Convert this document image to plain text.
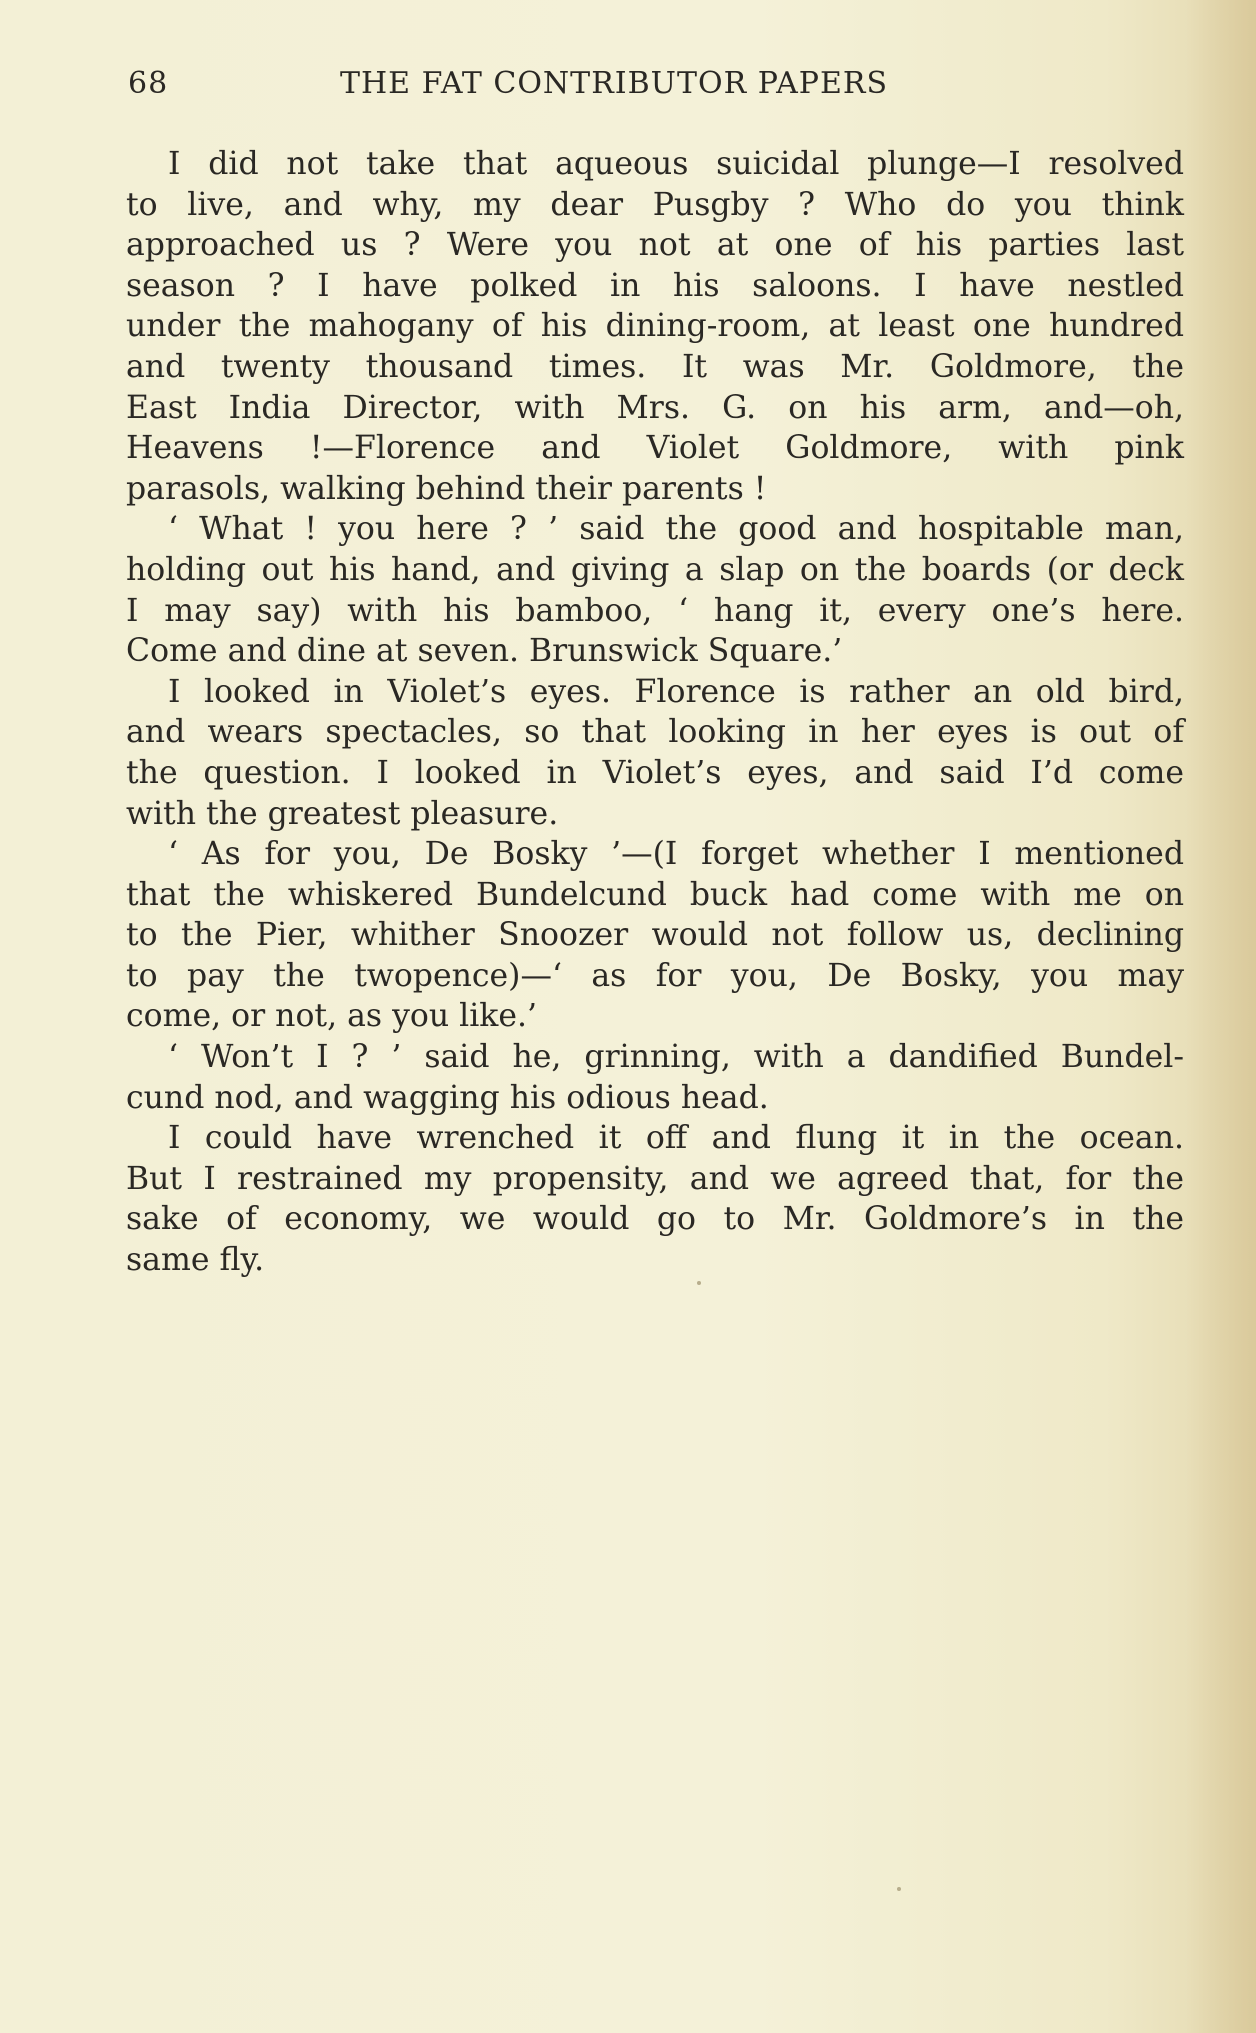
68	THE FAT CONTRIBUTOR PAPERS
I did not take that aqueous suicidal plunge—I resolved
to live, and why, my dear Pusgby ? Who do you think
approached us ? Were you not at one of his parties last
season ? I have polked in his saloons. I have nestled
under the mahogany of his dining-room, at least one hundred
and twenty thousand times. It was Mr. Goldmore, the
East India Director, with Mrs. G. on his arm, and—oh,
Heavens !—Florence and Violet Goldmore, with pink
parasols, walking behind their parents !
‘ What ! you here ? ’ said the good and hospitable man,
holding out his hand, and giving a slap on the boards (or deck
I may say) with his bamboo, ‘ hang it, every one’s here.
Come and dine at seven. Brunswick Square.’
I looked in Violet’s eyes. Florence is rather an old bird,
and wears spectacles, so that looking in her eyes is out of
the question. I looked in Violet’s eyes, and said I’d come
with the greatest pleasure.
‘ As for you, De Bosky ’—(I forget whether I mentioned
that the whiskered Bundelcund buck had come with me on
to the Pier, whither Snoozer would not follow us, declining
to pay the twopence)—‘ as for you, De Bosky, you may
come, or not, as you like.’
‘ Won’t I ? ’ said he, grinning, with a dandified Bundel-
cund nod, and wagging his odious head.
I could have wrenched it off and flung it in the ocean.
But I restrained my propensity, and we agreed that, for the
sake of economy, we would go to Mr. Goldmore’s in the
same fly.
